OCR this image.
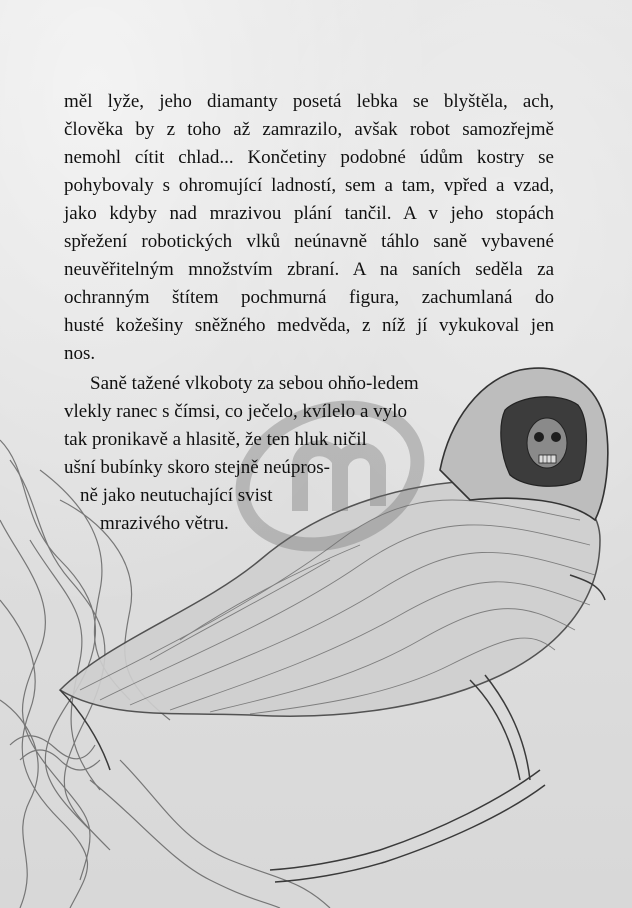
měl lyže, jeho diamanty posetá lebka se blyštěla, ach,
člověka by z toho až zamrazilo, avšak robot samozřejmě
nemohl cítit chlad... Končetiny podobné údům kostry se
pohybovaly s ohromující ladností, sem a tam, vpřed a vzad,
jako kdyby nad mrazivou plání tančil. A v jeho stopách
spřežení robotických vlků neúnavně táhlo saně vybavené
neuvěřitelným množstvím zbraní. A na saních seděla za
ochranným štítem pochmurná figura, zachumlaná do
husté kožešiny sněžného medvěda, z níž jí vykukoval jen
nos.
Saně tažené vlkoboty za sebou ohňo-ledem
vlekly ranec s čímsi, co ječelo, kvílelo a vylo
tak pronikavě a hlasitě, že ten hluk ničil
ušní bubínky skoro stejně neúpros-
ně jako neutuchající svist
mrazivého větru.
